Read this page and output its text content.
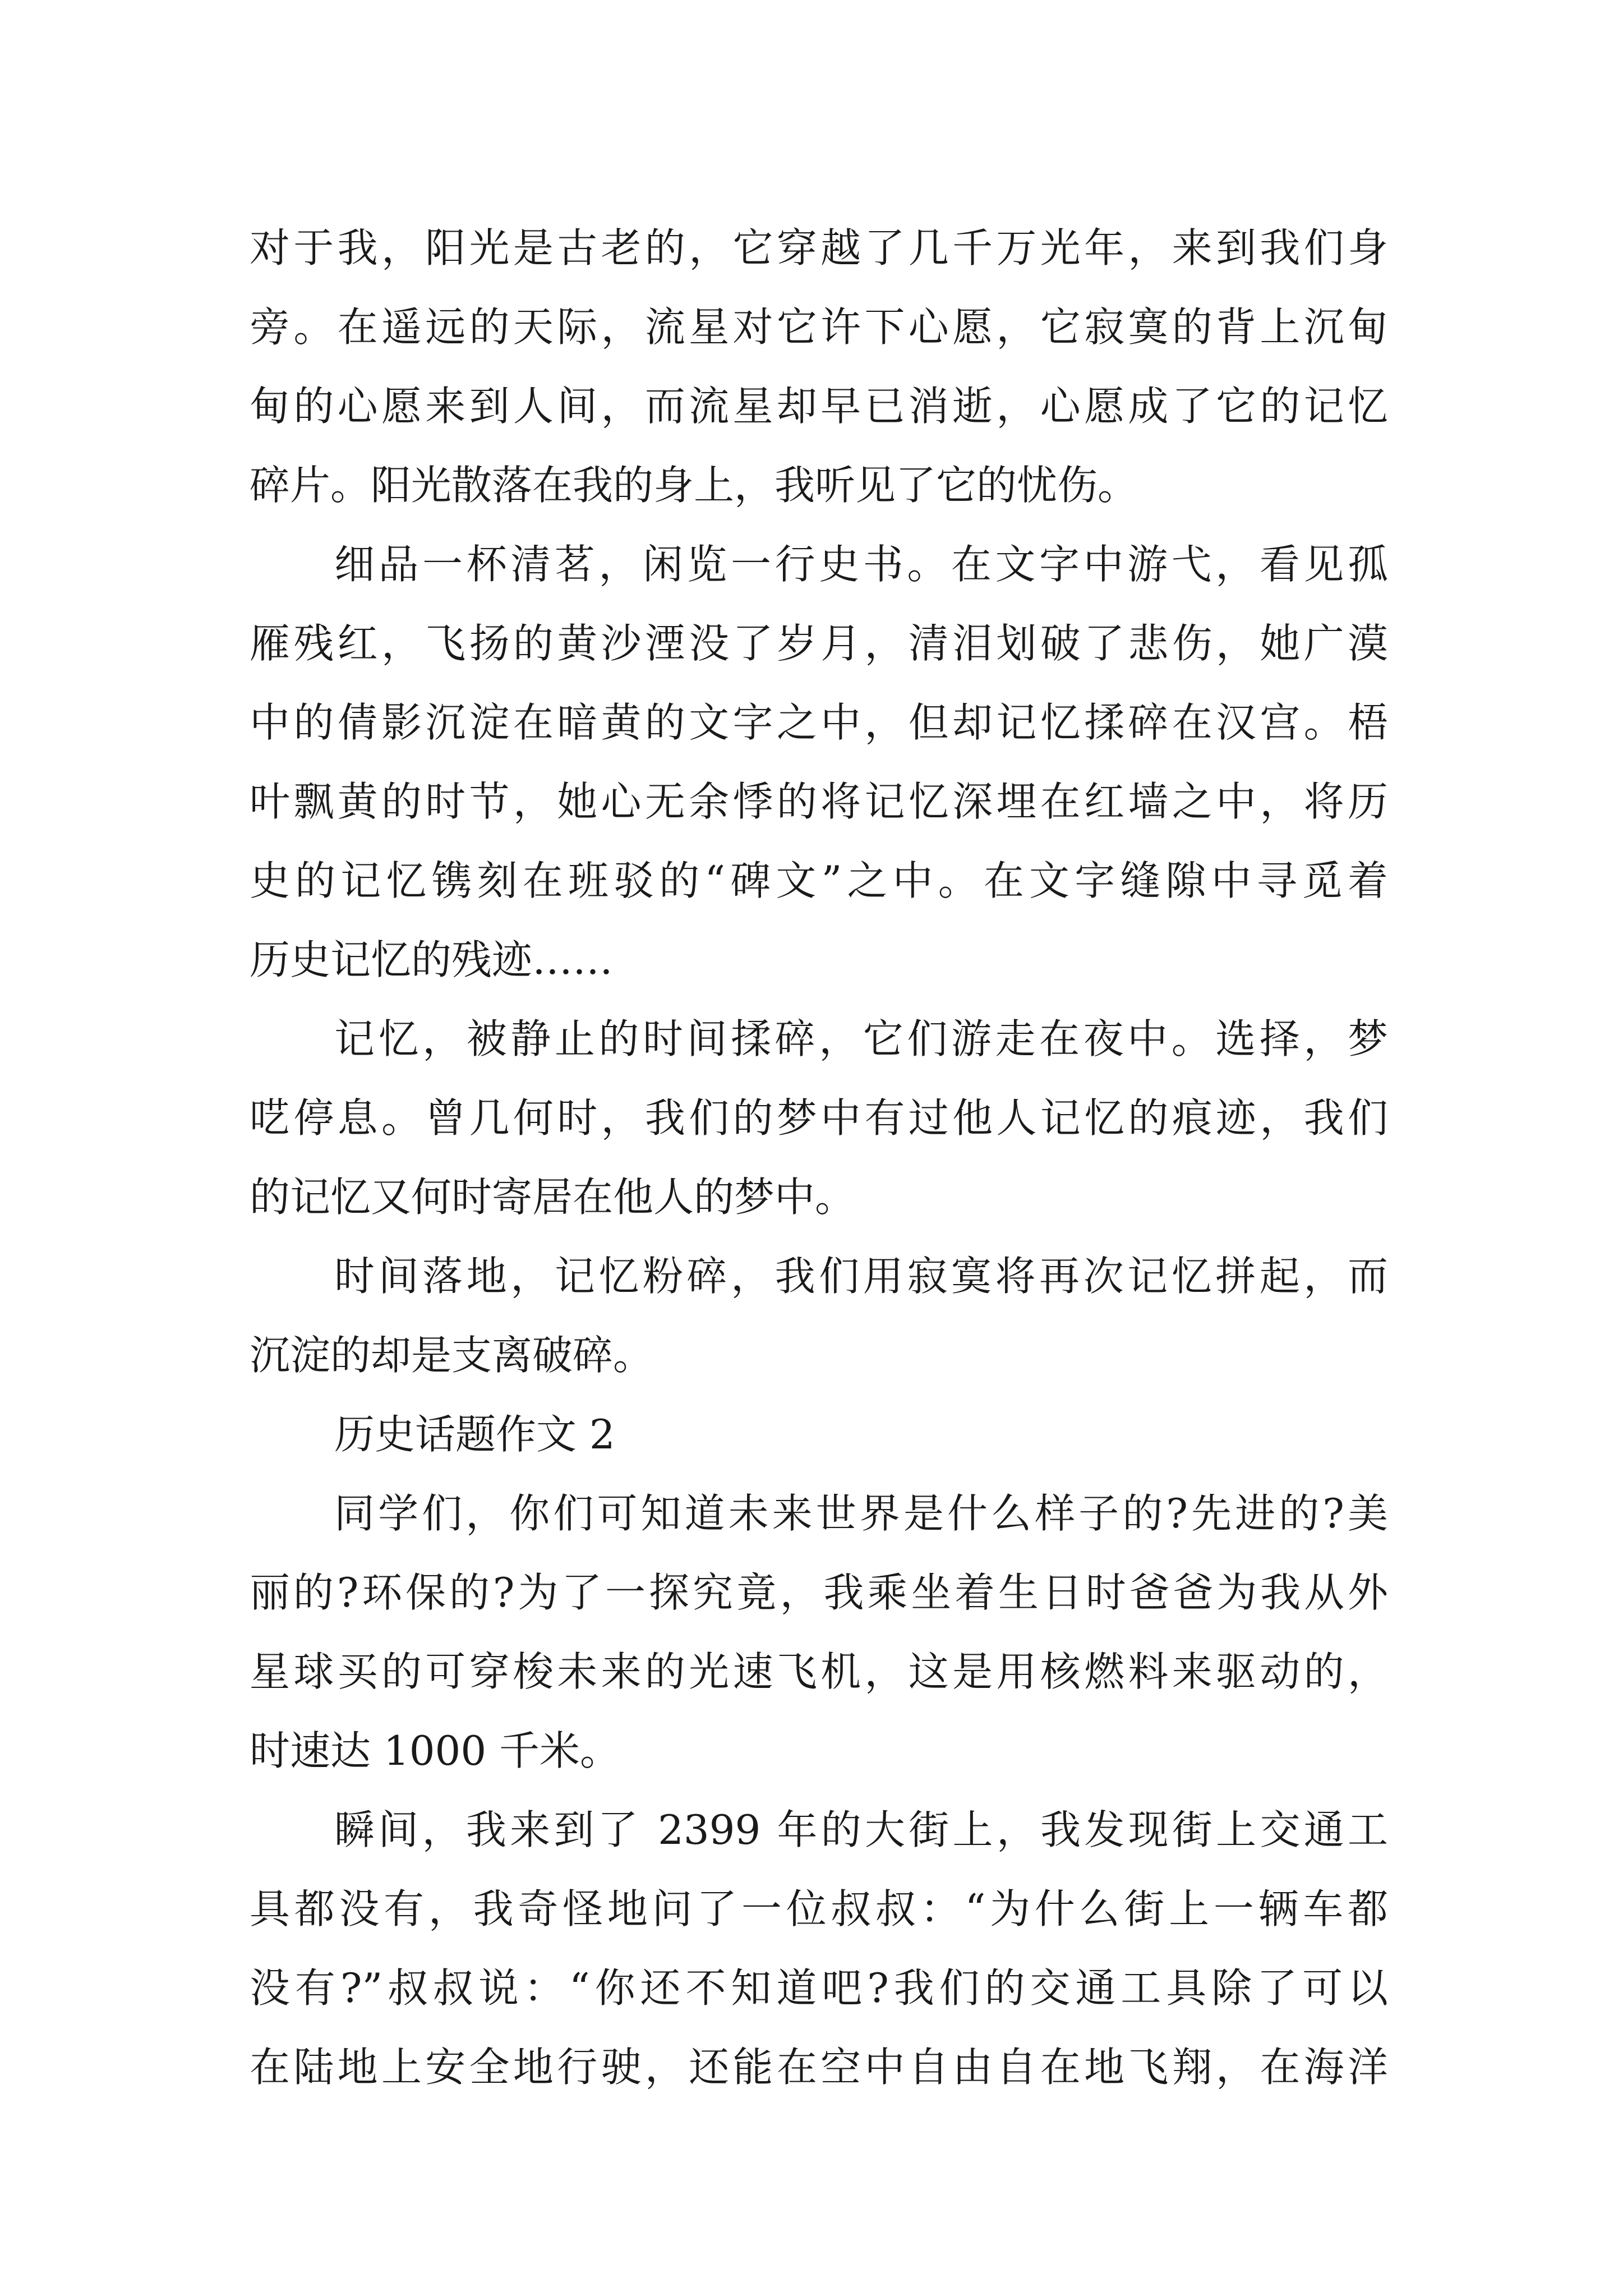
对于我，阳光是古老的，它穿越了几千万光年，来到我们身
旁。在遥远的天际，流星对它许下心愿，它寂寞的背上沉甸
甸的心愿来到人间，而流星却早已消逝，心愿成了它的记忆
碎片。阳光散落在我的身上，我听见了它的忧伤。
细品一杯清茗，闲览一行史书。在文字中游弋，看见孤
雁残红，飞扬的黄沙湮没了岁月，清泪划破了悲伤，她广漠
中的倩影沉淀在暗黄的文字之中，但却记忆揉碎在汉宫。梧
叶飘黄的时节，她心无余悸的将记忆深埋在红墙之中，将历
史的记忆镌刻在班驳的“碑文”之中。在文字缝隙中寻觅着
历史记忆的残迹……
记忆，被静止的时间揉碎，它们游走在夜中。选择，梦
呓停息。曾几何时，我们的梦中有过他人记忆的痕迹，我们
的记忆又何时寄居在他人的梦中。
时间落地，记忆粉碎，我们用寂寞将再次记忆拼起，而
沉淀的却是支离破碎。
历史话题作文 2
同学们，你们可知道未来世界是什么样子的?先进的?美
丽的?环保的?为了一探究竟，我乘坐着生日时爸爸为我从外
星球买的可穿梭未来的光速飞机，这是用核燃料来驱动的，
时速达 1000 千米。
瞬间，我来到了 2399 年的大街上，我发现街上交通工
具都没有，我奇怪地问了一位叔叔：“为什么街上一辆车都
没有?”叔叔说：“你还不知道吧?我们的交通工具除了可以
在陆地上安全地行驶，还能在空中自由自在地飞翔，在海洋
